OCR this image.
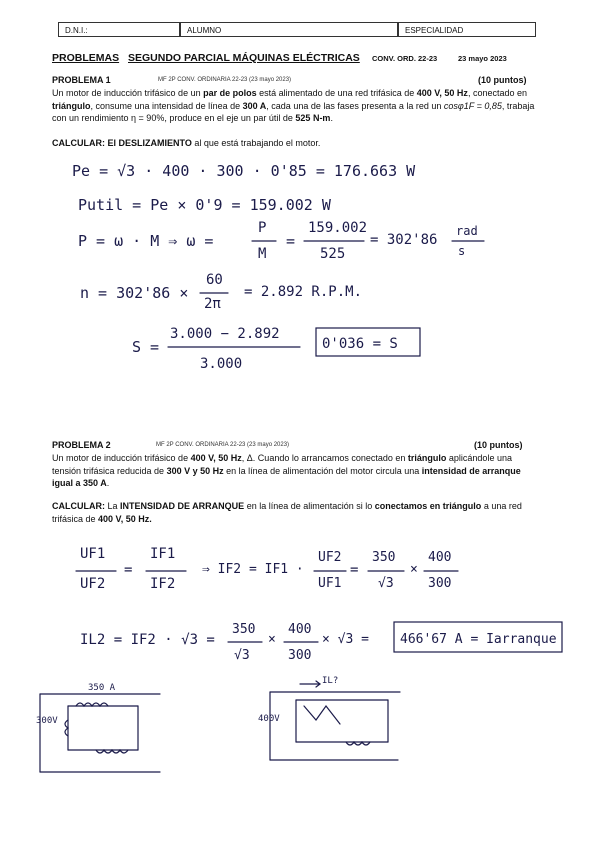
D.N.I.:	ALUMNO	ESPECIALIDAD
PROBLEMAS SEGUNDO PARCIAL MÁQUINAS ELÉCTRICAS CONV. ORD. 22-23	23 mayo 2023
PROBLEMA 1	MF 2P CONV. ORDINARIA 22-23 (23 mayo 2023)	(10 puntos)
Un motor de inducción trifásico de un par de polos está alimentado de una red trifásica de 400 V, 50 Hz, conectado en triángulo, consume una intensidad de línea de 300 A, cada una de las fases presenta a la red un cosφ1F = 0,85, trabaja con un rendimiento η = 90%, produce en el eje un par útil de 525 N-m.
CALCULAR: El DESLIZAMIENTO al que está trabajando el motor.
Pe = √3 · 400 · 300 · 0'85 = 176.663 W
Putil = Pe × 0'9 = 159.002 W
P = ω · M ⇒ ω =
P
M
=
159.002
525
= 302'86
rad
s
n = 302'86 ×
60
2π
= 2.892 R.P.M.
S =
3.000 − 2.892
3.000
0'036 = S
PROBLEMA 2	MF 2P CONV. ORDINARIA 22-23 (23 mayo 2023)	(10 puntos)
Un motor de inducción trifásico de 400 V, 50 Hz, Δ. Cuando lo arrancamos conectado en triángulo aplicándole una tensión trifásica reducida de 300 V y 50 Hz en la línea de alimentación del motor circula una intensidad de arranque igual a 350 A.
CALCULAR: La INTENSIDAD DE ARRANQUE en la línea de alimentación si lo conectamos en triángulo a una red trifásica de 400 V, 50 Hz.
UF1
UF2
=
IF1
IF2
⇒ IF2 = IF1 ·
UF2
UF1
=
350
√3
×
400
300
IL2 = IF2 · √3 =
350
√3
×
400
300
× √3 = 466'67 A = Iarranque
350 A
300V
IL?
400V
